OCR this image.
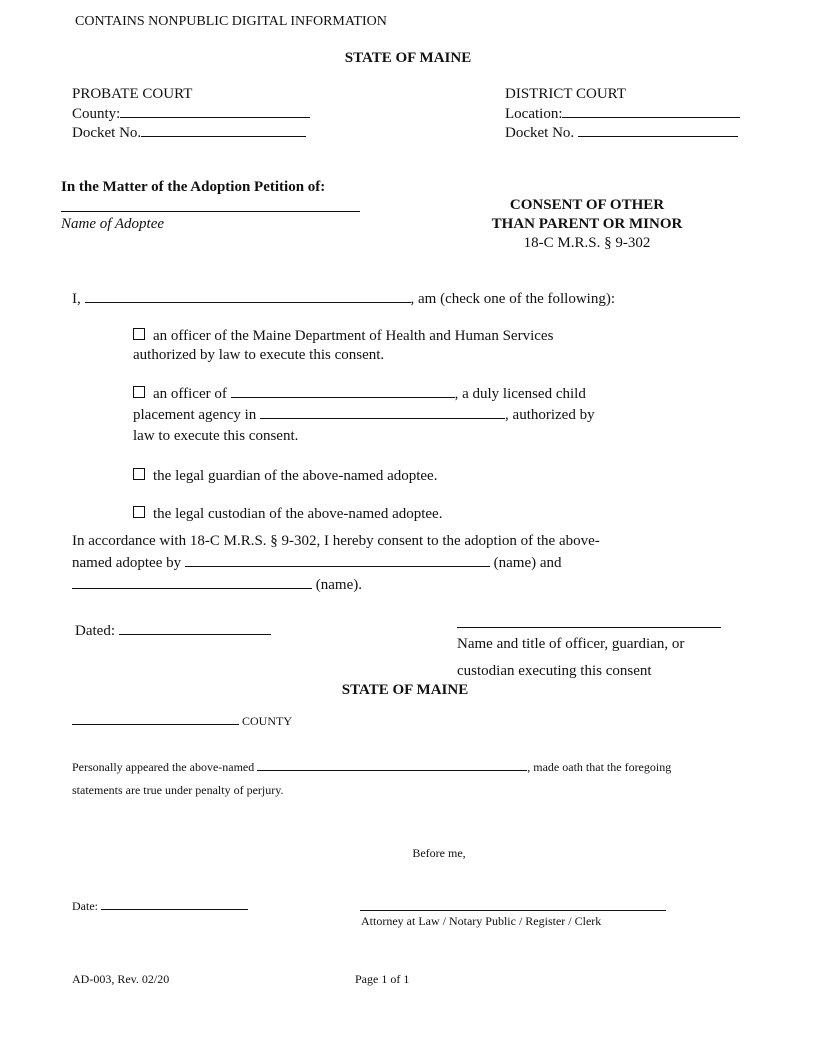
CONTAINS NONPUBLIC DIGITAL INFORMATION
STATE OF MAINE
PROBATE COURT
County:
Docket No.
DISTRICT COURT
Location:
Docket No.
In the Matter of the Adoption Petition of:
Name of Adoptee
CONSENT OF OTHER
THAN PARENT OR MINOR
18-C M.R.S. § 9-302
I,	, am (check one of the following):
an officer of the Maine Department of Health and Human Services
authorized by law to execute this consent.
an officer of	, a duly licensed child
placement agency in	, authorized by
law to execute this consent.
the legal guardian of the above-named adoptee.
the legal custodian of the above-named adoptee.
In accordance with 18-C M.R.S. § 9-302, I hereby consent to the adoption of the above-
named adoptee by	(name) and
(name).
Dated:
Name and title of officer, guardian, or
custodian executing this consent
STATE OF MAINE
COUNTY
Personally appeared the above-named	, made oath that the foregoing
statements are true under penalty of perjury.
Before me,
Date:
Attorney at Law / Notary Public / Register / Clerk
AD-003, Rev. 02/20	Page 1 of 1
